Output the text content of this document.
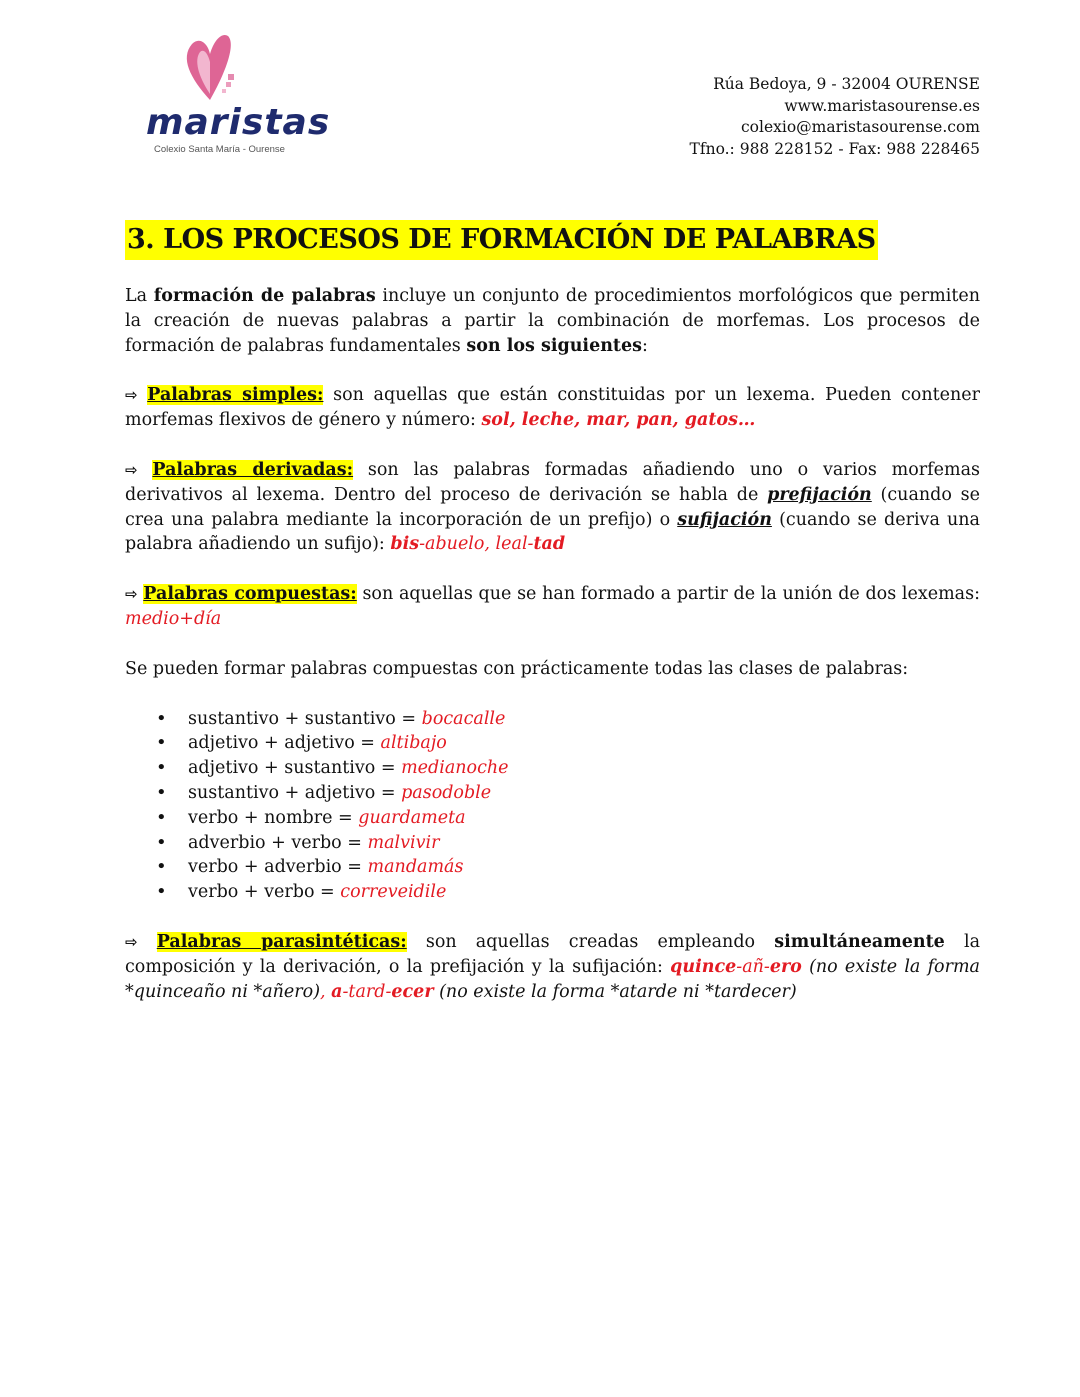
maristas
Colexio Santa María - Ourense
Rúa Bedoya, 9 - 32004 OURENSE
www.maristasourense.es
colexio@maristasourense.com
Tfno.: 988 228152 - Fax: 988 228465
3. LOS PROCESOS DE FORMACIÓN DE PALABRAS

La formación de palabras incluye un conjunto de procedimientos morfológicos que permiten la creación de nuevas palabras a partir la combinación de morfemas. Los procesos de formación de palabras fundamentales son los siguientes:

⇨ Palabras simples: son aquellas que están constituidas por un lexema. Pueden contener morfemas flexivos de género y número: sol, leche, mar, pan, gatos…

⇨ Palabras derivadas: son las palabras formadas añadiendo uno o varios morfemas derivativos al lexema. Dentro del proceso de derivación se habla de prefijación (cuando se crea una palabra mediante la incorporación de un prefijo) o sufijación (cuando se deriva una palabra añadiendo un sufijo): bis-abuelo, leal-tad

⇨ Palabras compuestas: son aquellas que se han formado a partir de la unión de dos lexemas: medio+día

Se pueden formar palabras compuestas con prácticamente todas las clases de palabras:

• sustantivo + sustantivo = bocacalle
• adjetivo + adjetivo = altibajo
• adjetivo + sustantivo = medianoche
• sustantivo + adjetivo = pasodoble
• verbo + nombre = guardameta
• adverbio + verbo = malvivir
• verbo + adverbio = mandamás
• verbo + verbo = correveidile

⇨ Palabras parasintéticas: son aquellas creadas empleando simultáneamente la composición y la derivación, o la prefijación y la sufijación: quince-añ-ero (no existe la forma *quinceaño ni *añero), a-tard-ecer (no existe la forma *atarde ni *tardecer)
